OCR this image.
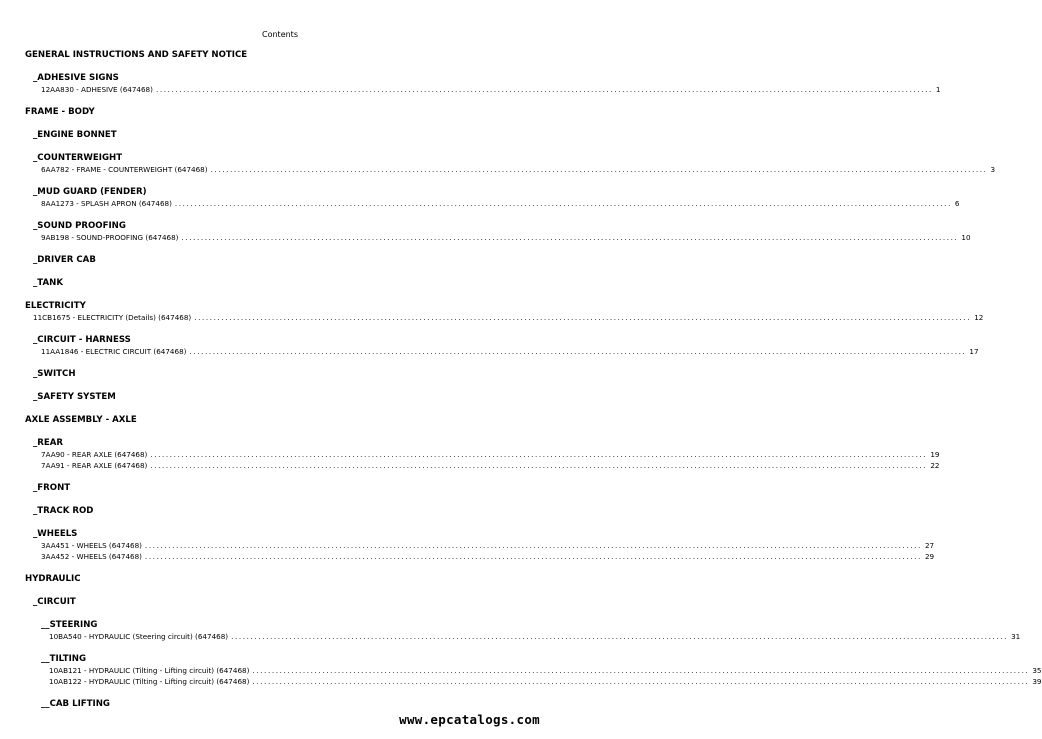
Contents
GENERAL INSTRUCTIONS AND SAFETY NOTICE
_ADHESIVE SIGNS
12AA830 - ADHESIVE (647468) ........................................................................................................................................................................................................ 1
FRAME - BODY
_ENGINE BONNET
_COUNTERWEIGHT
6AA782 - FRAME - COUNTERWEIGHT (647468) ........................................................................................................................................................................................................ 3
_MUD GUARD (FENDER)
8AA1273 - SPLASH APRON (647468) ........................................................................................................................................................................................................ 6
_SOUND PROOFING
9AB198 - SOUND-PROOFING (647468) ........................................................................................................................................................................................................ 10
_DRIVER CAB
_TANK
ELECTRICITY
11CB1675 - ELECTRICITY (Details) (647468) ........................................................................................................................................................................................................ 12
_CIRCUIT - HARNESS
11AA1846 - ELECTRIC CIRCUIT (647468) ........................................................................................................................................................................................................ 17
_SWITCH
_SAFETY SYSTEM
AXLE ASSEMBLY - AXLE
_REAR
7AA90 - REAR AXLE (647468) ........................................................................................................................................................................................................ 19
7AA91 - REAR AXLE (647468) ........................................................................................................................................................................................................ 22
_FRONT
_TRACK ROD
_WHEELS
3AA451 - WHEELS (647468) ........................................................................................................................................................................................................ 27
3AA452 - WHEELS (647468) ........................................................................................................................................................................................................ 29
HYDRAULIC
_CIRCUIT
__STEERING
10BA540 - HYDRAULIC (Steering circuit) (647468) ........................................................................................................................................................................................................ 31
__TILTING
10AB121 - HYDRAULIC (Tilting - Lifting circuit) (647468) ........................................................................................................................................................................................................ 35
10AB122 - HYDRAULIC (Tilting - Lifting circuit) (647468) ........................................................................................................................................................................................................ 39
__CAB LIFTING
www.epcatalogs.com
